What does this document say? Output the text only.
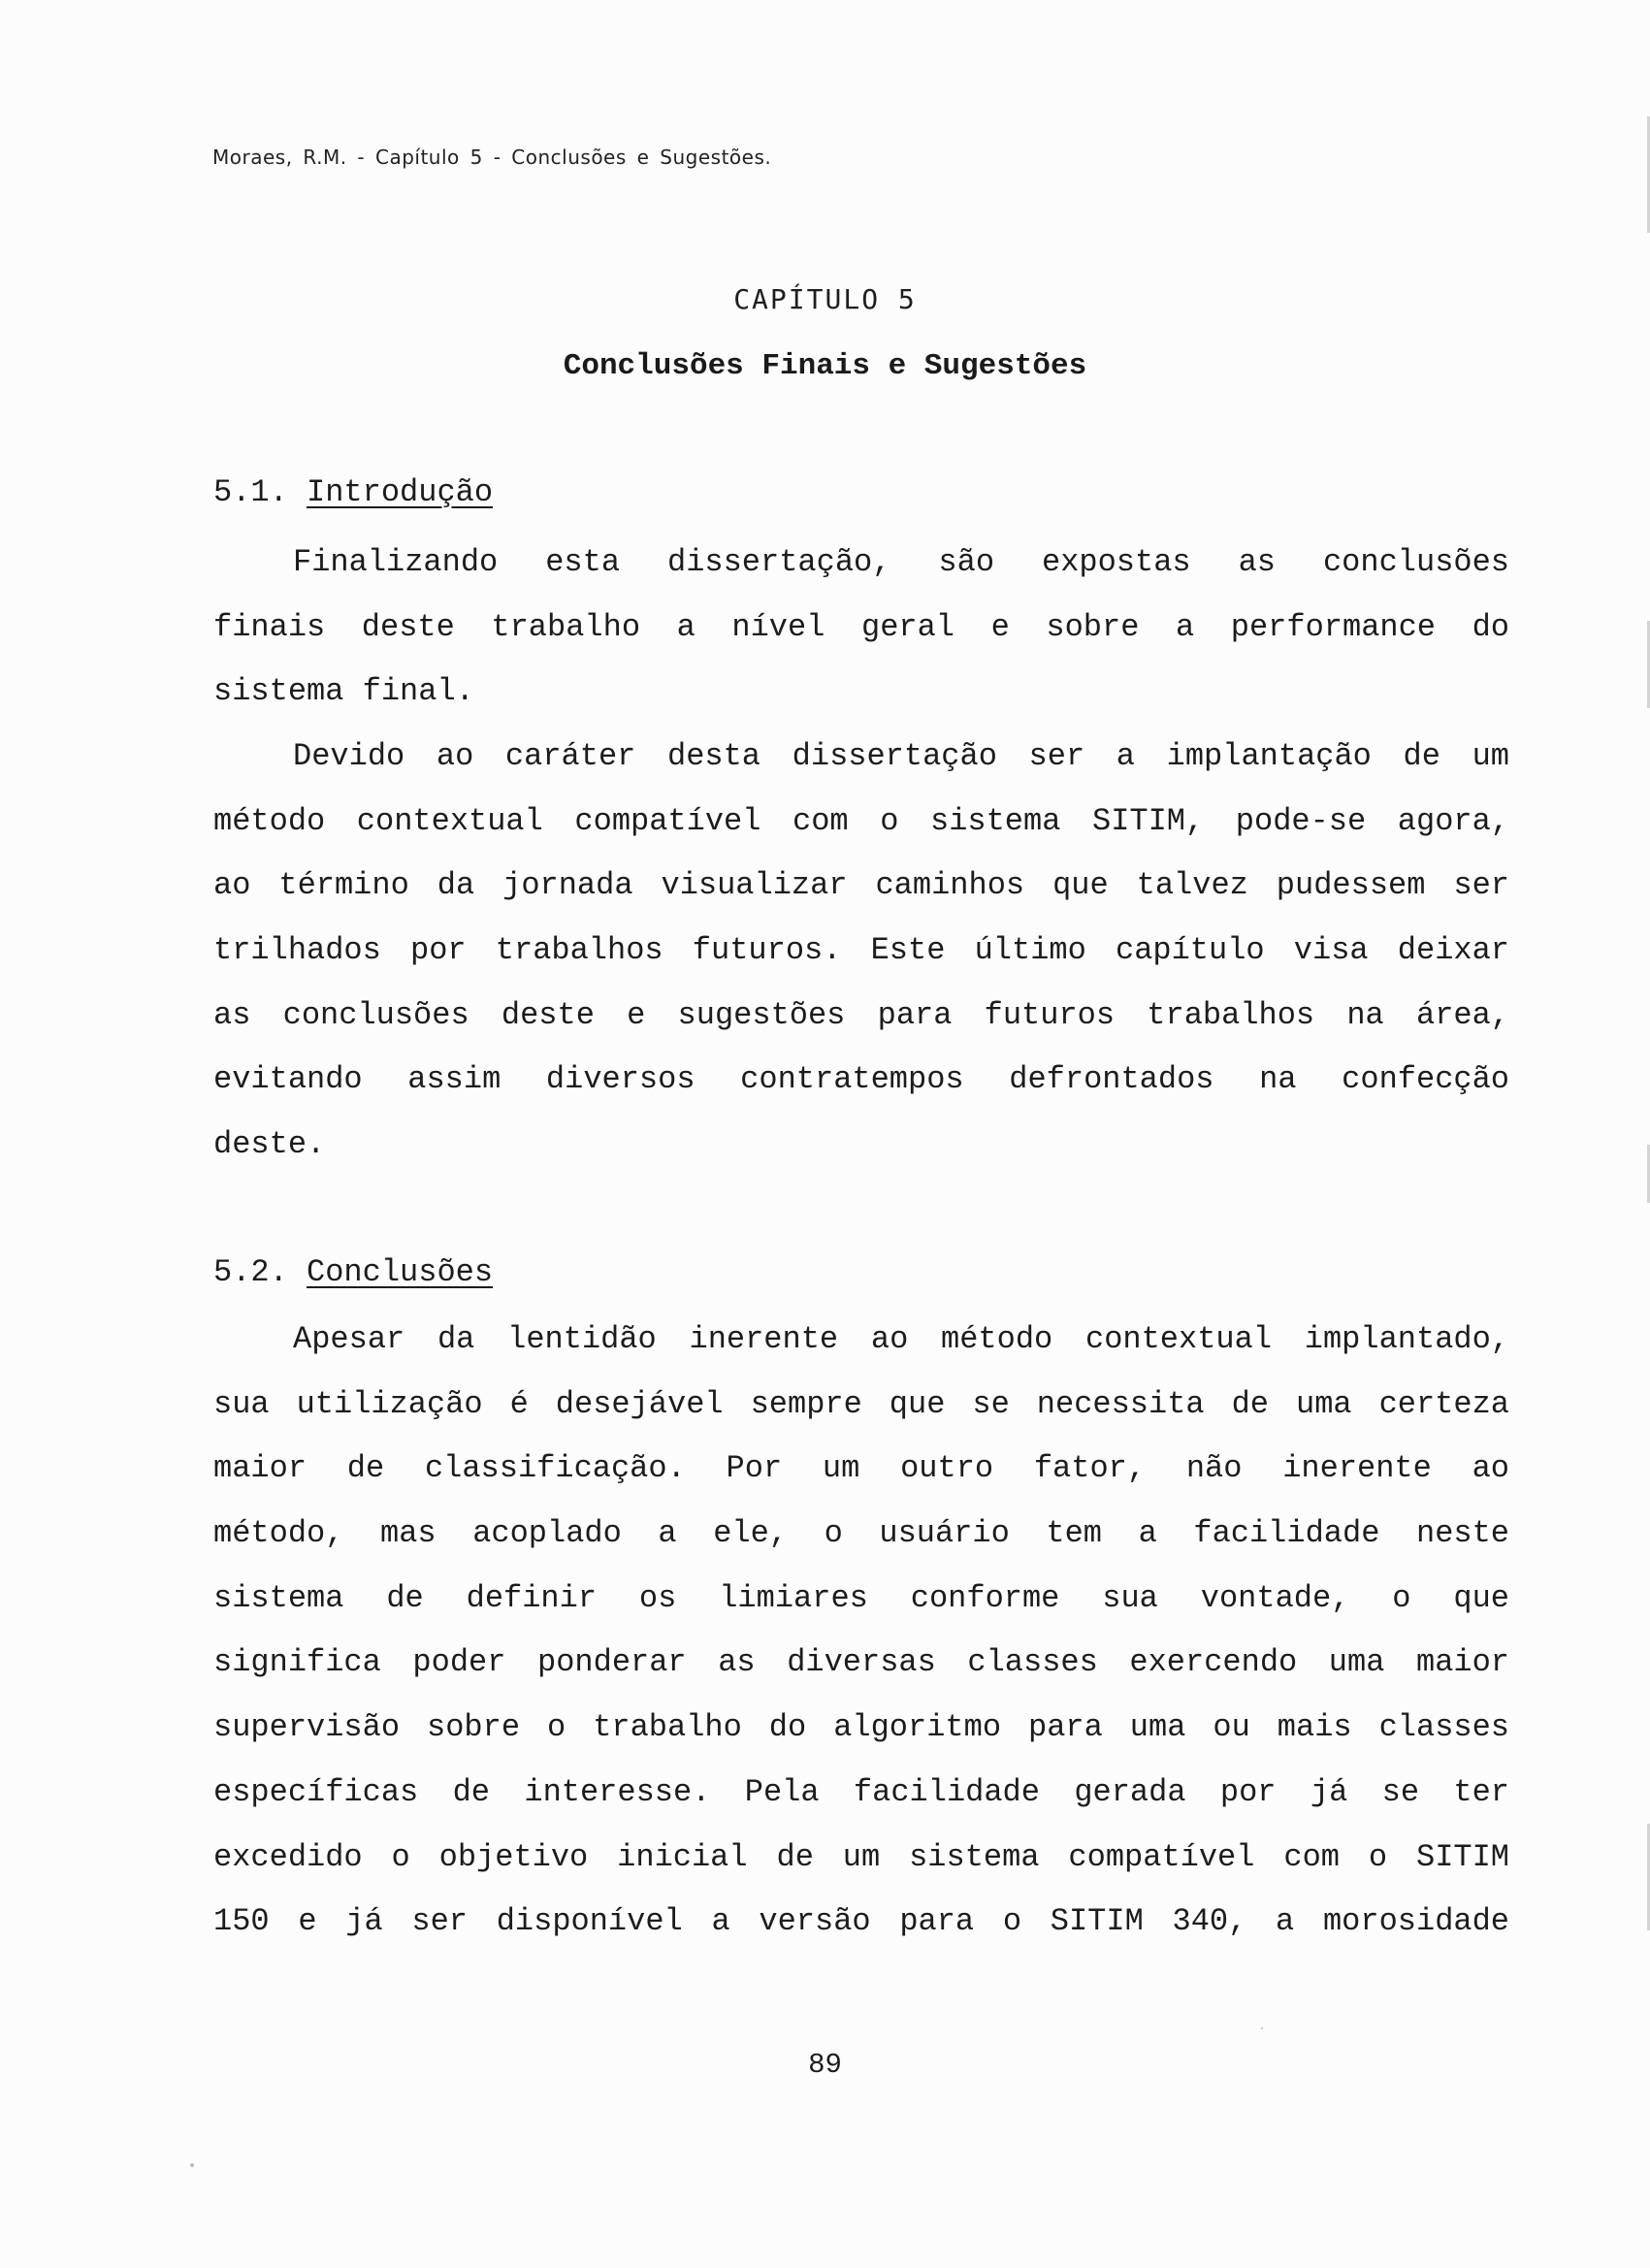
Moraes, R.M. - Capítulo 5 - Conclusões e Sugestões.
CAPÍTULO 5
Conclusões Finais e Sugestões
5.1. Introdução
Finalizando esta dissertação, são expostas as conclusões
finais deste trabalho a nível geral e sobre a performance do
sistema final.
Devido ao caráter desta dissertação ser a implantação de um
método contextual compatível com o sistema SITIM, pode-se agora,
ao término da jornada visualizar caminhos que talvez pudessem ser
trilhados por trabalhos futuros. Este último capítulo visa deixar
as conclusões deste e sugestões para futuros trabalhos na área,
evitando assim diversos contratempos defrontados na confecção
deste.
5.2. Conclusões
Apesar da lentidão inerente ao método contextual implantado,
sua utilização é desejável sempre que se necessita de uma certeza
maior de classificação. Por um outro fator, não inerente ao
método, mas acoplado a ele, o usuário tem a facilidade neste
sistema de definir os limiares conforme sua vontade, o que
significa poder ponderar as diversas classes exercendo uma maior
supervisão sobre o trabalho do algoritmo para uma ou mais classes
específicas de interesse. Pela facilidade gerada por já se ter
excedido o objetivo inicial de um sistema compatível com o SITIM
150 e já ser disponível a versão para o SITIM 340, a morosidade
89
